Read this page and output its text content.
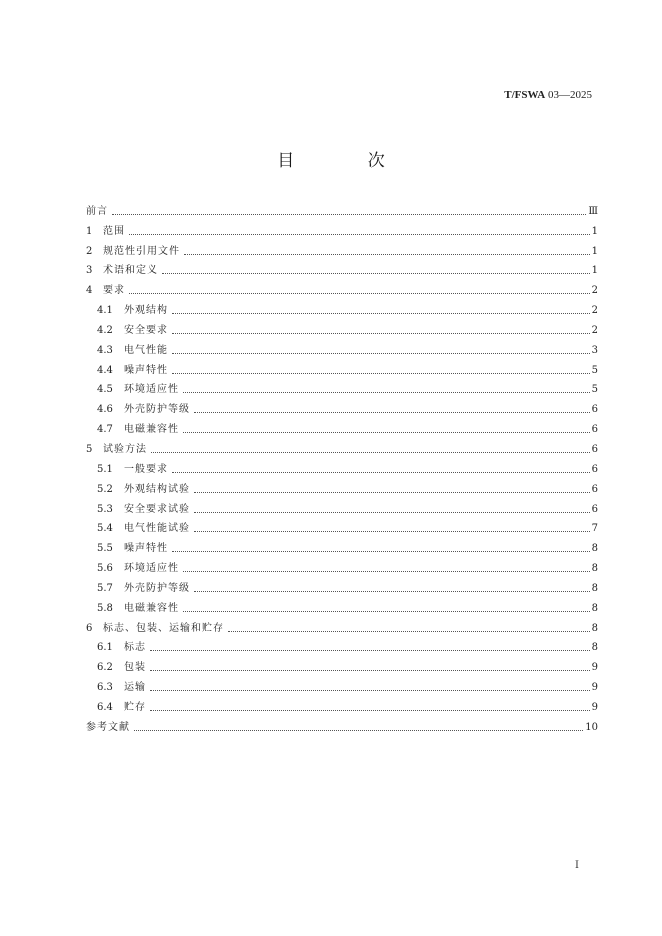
T/FSWA 03—2025
目 次
前言	Ⅲ
1	范围	1
2	规范性引用文件	1
3	术语和定义	1
4	要求	2
4.1	外观结构	2
4.2	安全要求	2
4.3	电气性能	3
4.4	噪声特性	5
4.5	环境适应性	5
4.6	外壳防护等级	6
4.7	电磁兼容性	6
5	试验方法	6
5.1	一般要求	6
5.2	外观结构试验	6
5.3	安全要求试验	6
5.4	电气性能试验	7
5.5	噪声特性	8
5.6	环境适应性	8
5.7	外壳防护等级	8
5.8	电磁兼容性	8
6	标志、包装、运输和贮存	8
6.1	标志	8
6.2	包装	9
6.3	运输	9
6.4	贮存	9
参考文献	10
I
